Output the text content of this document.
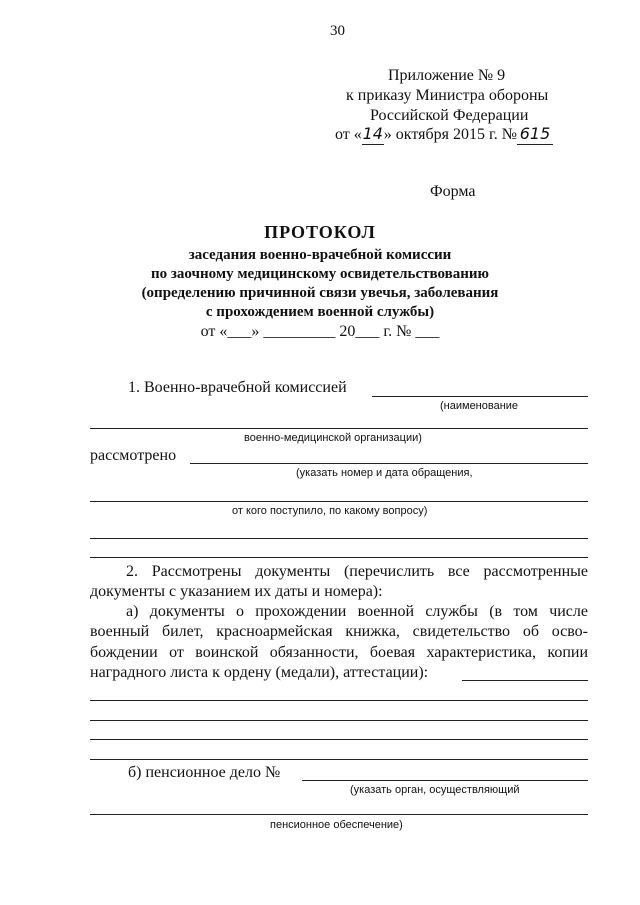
30
Приложение № 9
к приказу Министра обороны
Российской Федерации
от «14» октября 2015 г. № 615
Форма
ПРОТОКОЛ
заседания военно-врачебной комиссии
по заочному медицинскому освидетельствованию
(определению причинной связи увечья, заболевания
с прохождением военной службы)
от «___» _________ 20___ г. № ___
1. Военно-врачебной комиссией
(наименование
военно-медицинской организации)
рассмотрено
(указать номер и дата обращения,
от кого поступило, по какому вопросу)
2. Рассмотрены документы (перечислить все рассмотренные
документы с указанием их даты и номера):
а) документы о прохождении военной службы (в том числе
военный билет, красноармейская книжка, свидетельство об осво-
бождении от воинской обязанности, боевая характеристика, копии
наградного листа к ордену (медали), аттестации):
б) пенсионное дело №
(указать орган, осуществляющий
пенсионное обеспечение)
